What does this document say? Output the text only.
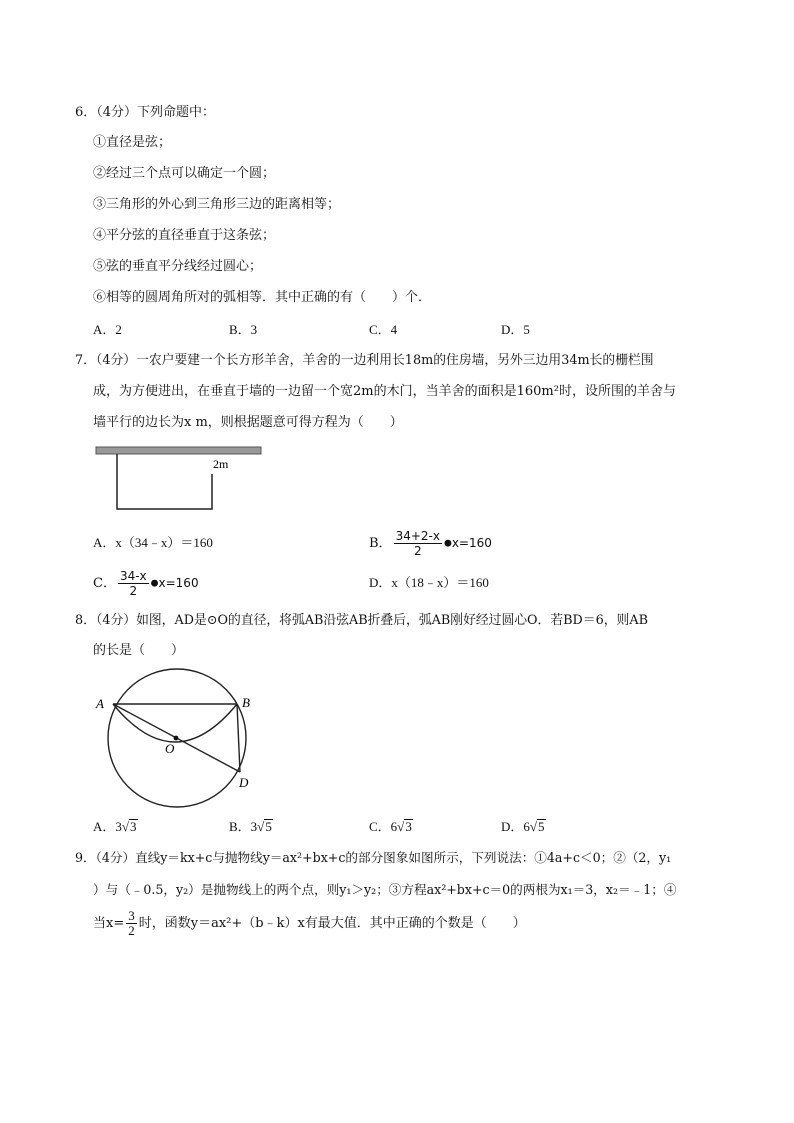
6．（4分）下列命题中：
①直径是弦；
②经过三个点可以确定一个圆；
③三角形的外心到三角形三边的距离相等；
④平分弦的直径垂直于这条弦；
⑤弦的垂直平分线经过圆心；
⑥相等的圆周角所对的弧相等．其中正确的有（　　）个．
A．2	B．3	C．4	D．5
7．（4分）一农户要建一个长方形羊舍，羊舍的一边利用长18m的住房墙，另外三边用34m长的栅栏围
成，为方便进出，在垂直于墙的一边留一个宽2m的木门，当羊舍的面积是160m²时，设所围的羊舍与
墙平行的边长为x m，则根据题意可得方程为（　　）
2m
A．x（34﹣x）＝160	B． $\frac{34+2-x}{2}$ ●x=160
C． $\frac{34-x}{2}$ ●x=160	D．x（18﹣x）＝160
8．（4分）如图，AD是⊙O的直径，将弧AB沿弦AB折叠后，弧AB刚好经过圆心O．若BD＝6，则AB
的长是（　　）
A	B
O
D
A．3√3	B．3√5	C．6√3	D．6√5
9．（4分）直线y＝kx+c与抛物线y＝ax²+bx+c的部分图象如图所示，下列说法：①4a+c＜0；②（2，y₁
）与（﹣0.5，y₂）是抛物线上的两个点，则y₁＞y₂；③方程ax²+bx+c＝0的两根为x₁＝3，x₂＝﹣1；④
当$x= \frac{3}{2}$ 时，函数y＝ax²+（b﹣k）x有最大值．其中正确的个数是（　　）
